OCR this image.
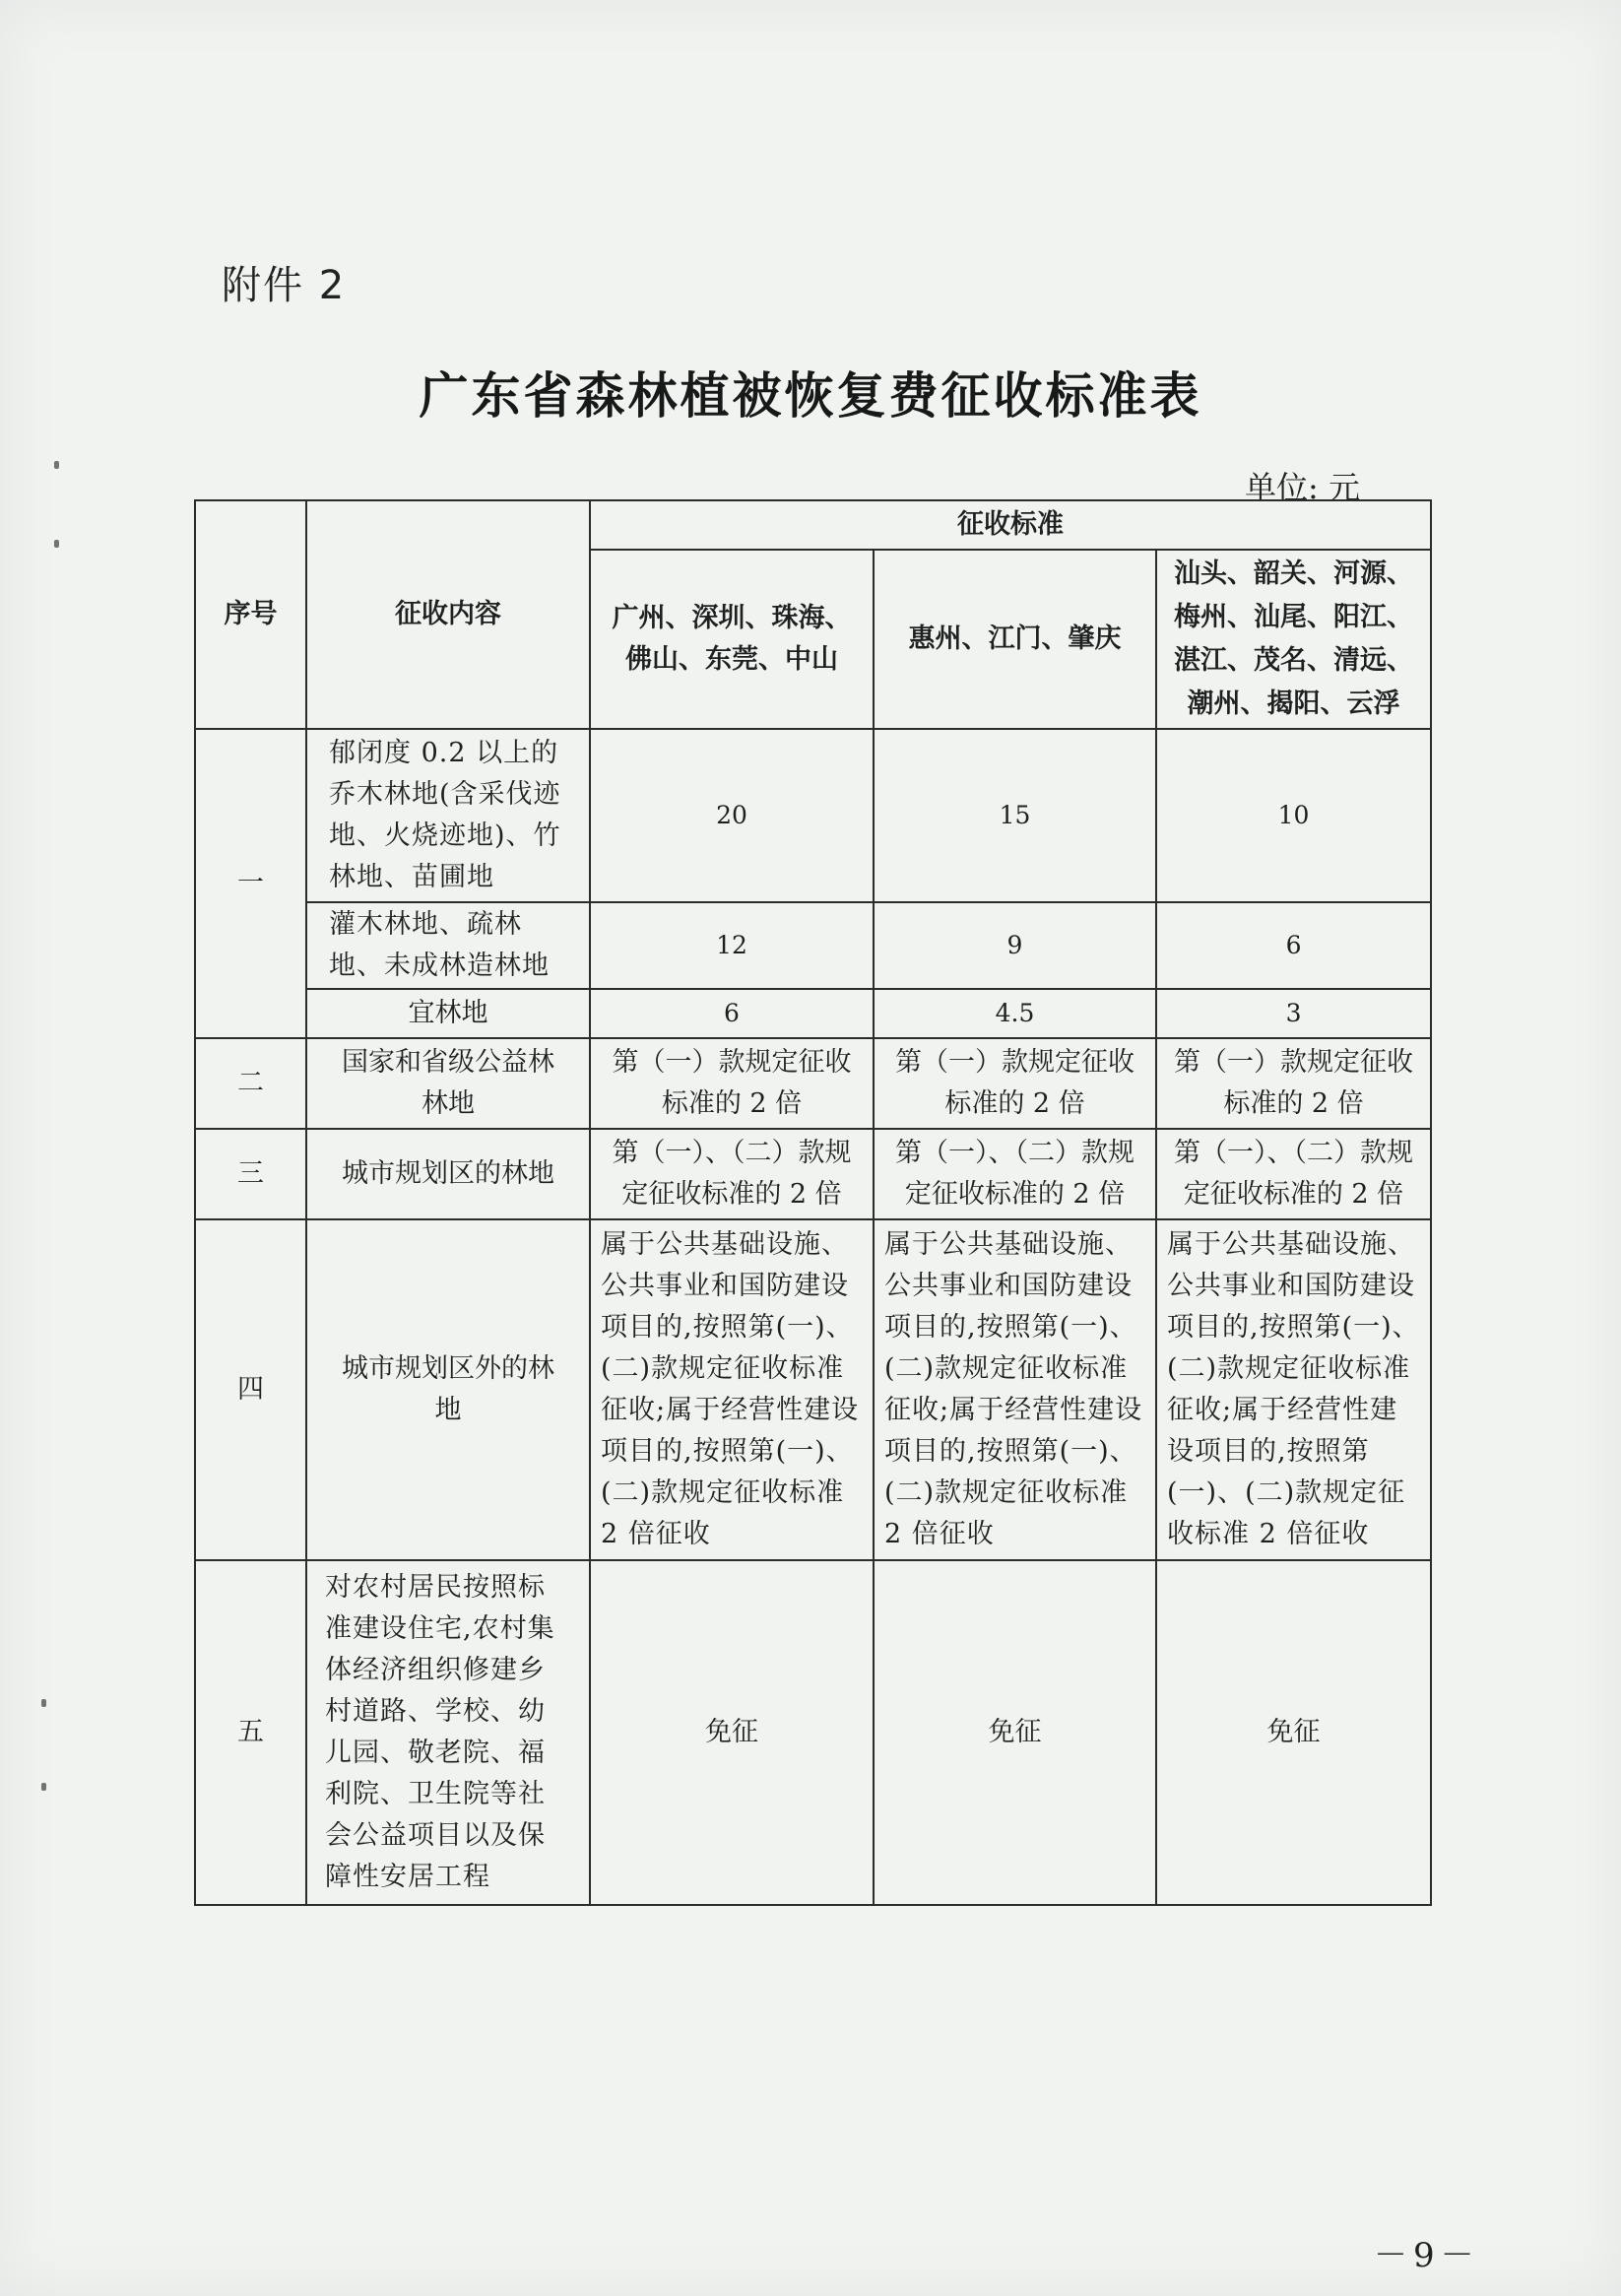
附件 2
广东省森林植被恢复费征收标准表
单位: 元
序号	征收内容	征收标准		
		广州、深圳、珠海、佛山、东莞、中山	惠州、江门、肇庆	汕头、韶关、河源、梅州、汕尾、阳江、湛江、茂名、清远、潮州、揭阳、云浮
一	郁闭度 0.2 以上的乔木林地(含采伐迹地、火烧迹地)、竹林地、苗圃地	20	15	10
	灌木林地、疏林地、未成林造林地	12	9	6
	宜林地	6	4.5	3
二	国家和省级公益林林地	第（一）款规定征收标准的 2 倍	第（一）款规定征收标准的 2 倍	第（一）款规定征收标准的 2 倍
三	城市规划区的林地	第（一）、（二）款规定征收标准的 2 倍	第（一）、（二）款规定征收标准的 2 倍	第（一）、（二）款规定征收标准的 2 倍
四	城市规划区外的林地	属于公共基础设施、公共事业和国防建设项目的,按照第(一)、(二)款规定征收标准征收;属于经营性建设项目的,按照第(一)、(二)款规定征收标准 2 倍征收	属于公共基础设施、公共事业和国防建设项目的,按照第(一)、(二)款规定征收标准征收;属于经营性建设项目的,按照第(一)、(二)款规定征收标准 2 倍征收	属于公共基础设施、公共事业和国防建设项目的,按照第(一)、(二)款规定征收标准征收;属于经营性建设项目的,按照第(一)、(二)款规定征收标准 2 倍征收
五	对农村居民按照标准建设住宅,农村集体经济组织修建乡村道路、学校、幼儿园、敬老院、福利院、卫生院等社会公益项目以及保障性安居工程	免征	免征	免征
－9－
